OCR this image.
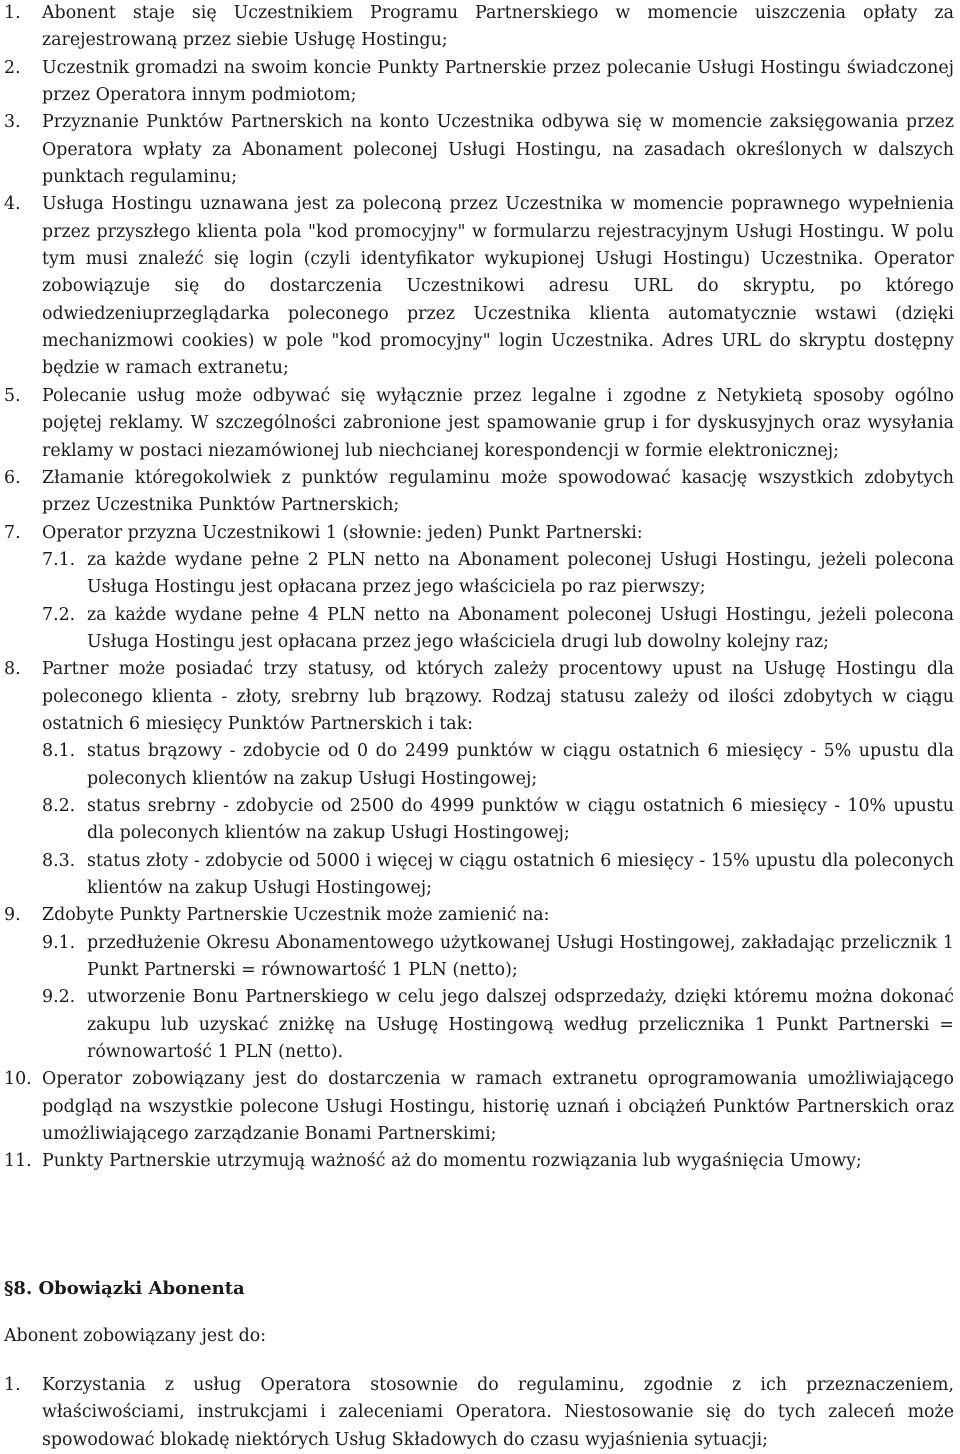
1.	Abonent staje się Uczestnikiem Programu Partnerskiego w momencie uiszczenia opłaty za zarejestrowaną przez siebie Usługę Hostingu;
2.	Uczestnik gromadzi na swoim koncie Punkty Partnerskie przez polecanie Usługi Hostingu świadczonej przez Operatora innym podmiotom;
3.	Przyznanie Punktów Partnerskich na konto Uczestnika odbywa się w momencie zaksięgowania przez Operatora wpłaty za Abonament poleconej Usługi Hostingu, na zasadach określonych w dalszych punktach regulaminu;
4.	Usługa Hostingu uznawana jest za poleconą przez Uczestnika w momencie poprawnego wypełnienia przez przyszłego klienta pola "kod promocyjny" w formularzu rejestracyjnym Usługi Hostingu. W polu tym musi znaleźć się login (czyli identyfikator wykupionej Usługi Hostingu) Uczestnika. Operator zobowiązuje się do dostarczenia Uczestnikowi adresu URL do skryptu, po którego odwiedzeniuprzeglądarka poleconego przez Uczestnika klienta automatycznie wstawi (dzięki mechanizmowi cookies) w pole "kod promocyjny" login Uczestnika. Adres URL do skryptu dostępny będzie w ramach extranetu;
5.	Polecanie usług może odbywać się wyłącznie przez legalne i zgodne z Netykietą sposoby ogólno pojętej reklamy. W szczególności zabronione jest spamowanie grup i for dyskusyjnych oraz wysyłania reklamy w postaci niezamówionej lub niechcianej korespondencji w formie elektronicznej;
6.	Złamanie któregokolwiek z punktów regulaminu może spowodować kasację wszystkich zdobytych przez Uczestnika Punktów Partnerskich;
7.	Operator przyzna Uczestnikowi 1 (słownie: jeden) Punkt Partnerski:
7.1. za każde wydane pełne 2 PLN netto na Abonament poleconej Usługi Hostingu, jeżeli polecona Usługa Hostingu jest opłacana przez jego właściciela po raz pierwszy;
7.2. za każde wydane pełne 4 PLN netto na Abonament poleconej Usługi Hostingu, jeżeli polecona Usługa Hostingu jest opłacana przez jego właściciela drugi lub dowolny kolejny raz;
8.	Partner może posiadać trzy statusy, od których zależy procentowy upust na Usługę Hostingu dla poleconego klienta - złoty, srebrny lub brązowy. Rodzaj statusu zależy od ilości zdobytych w ciągu ostatnich 6 miesięcy Punktów Partnerskich i tak:
8.1. status brązowy - zdobycie od 0 do 2499 punktów w ciągu ostatnich 6 miesięcy - 5% upustu dla poleconych klientów na zakup Usługi Hostingowej;
8.2. status srebrny - zdobycie od 2500 do 4999 punktów w ciągu ostatnich 6 miesięcy - 10% upustu dla poleconych klientów na zakup Usługi Hostingowej;
8.3. status złoty - zdobycie od 5000 i więcej w ciągu ostatnich 6 miesięcy - 15% upustu dla poleconych klientów na zakup Usługi Hostingowej;
9.	Zdobyte Punkty Partnerskie Uczestnik może zamienić na:
9.1. przedłużenie Okresu Abonamentowego użytkowanej Usługi Hostingowej, zakładając przelicznik 1 Punkt Partnerski = równowartość 1 PLN (netto);
9.2. utworzenie Bonu Partnerskiego w celu jego dalszej odsprzedaży, dzięki któremu można dokonać zakupu lub uzyskać zniżkę na Usługę Hostingową według przelicznika 1 Punkt Partnerski = równowartość 1 PLN (netto).
10. Operator zobowiązany jest do dostarczenia w ramach extranetu oprogramowania umożliwiającego podgląd na wszystkie polecone Usługi Hostingu, historię uznań i obciążeń Punktów Partnerskich oraz umożliwiającego zarządzanie Bonami Partnerskimi;
11. Punkty Partnerskie utrzymują ważność aż do momentu rozwiązania lub wygaśnięcia Umowy;
§8. Obowiązki Abonenta

Abonent zobowiązany jest do:

1.	Korzystania z usług Operatora stosownie do regulaminu, zgodnie z ich przeznaczeniem, właściwościami, instrukcjami i zaleceniami Operatora. Niestosowanie się do tych zaleceń może spowodować blokadę niektórych Usług Składowych do czasu wyjaśnienia sytuacji;
